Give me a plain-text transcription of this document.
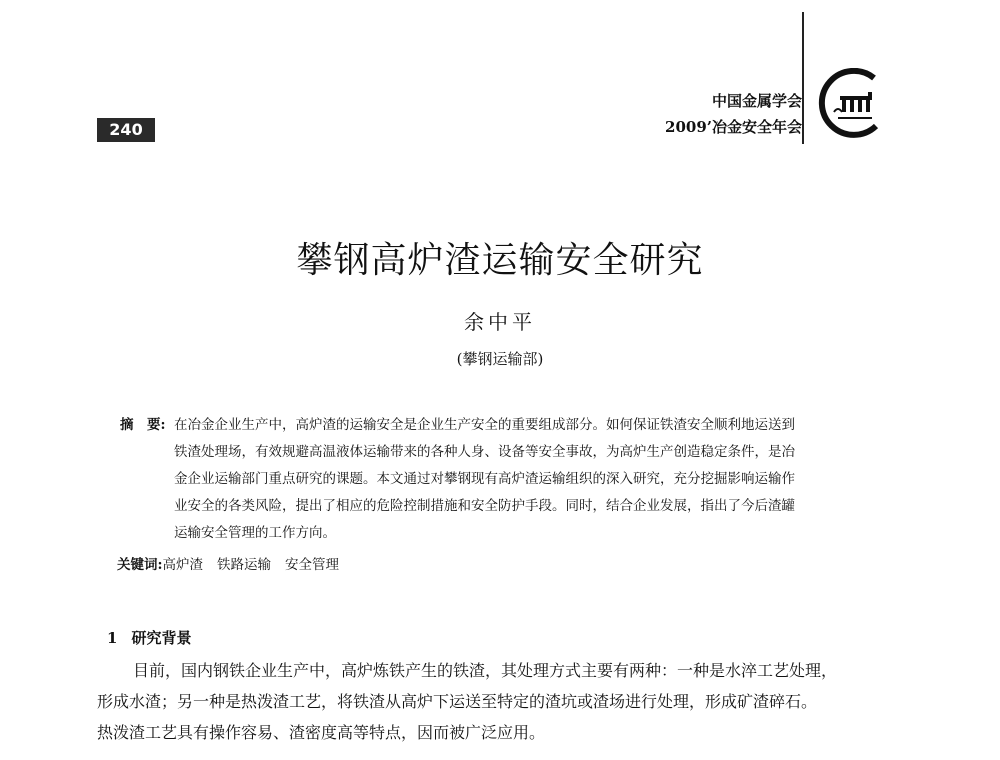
240
中国金属学会
2009’冶金安全年会
攀钢高炉渣运输安全研究
余中平
(攀钢运输部)
摘　要: 在冶金企业生产中，高炉渣的运输安全是企业生产安全的重要组成部分。如何保证铁渣安全顺利地运送到
铁渣处理场，有效规避高温液体运输带来的各种人身、设备等安全事故，为高炉生产创造稳定条件，是冶
金企业运输部门重点研究的课题。本文通过对攀钢现有高炉渣运输组织的深入研究，充分挖掘影响运输作
业安全的各类风险，提出了相应的危险控制措施和安全防护手段。同时，结合企业发展，指出了今后渣罐
运输安全管理的工作方向。
关键词:高炉渣 铁路运输 安全管理
1 研究背景

目前，国内钢铁企业生产中，高炉炼铁产生的铁渣，其处理方式主要有两种：一种是水淬工艺处理，

形成水渣；另一种是热泼渣工艺，将铁渣从高炉下运送至特定的渣坑或渣场进行处理，形成矿渣碎石。

热泼渣工艺具有操作容易、渣密度高等特点，因而被广泛应用。
